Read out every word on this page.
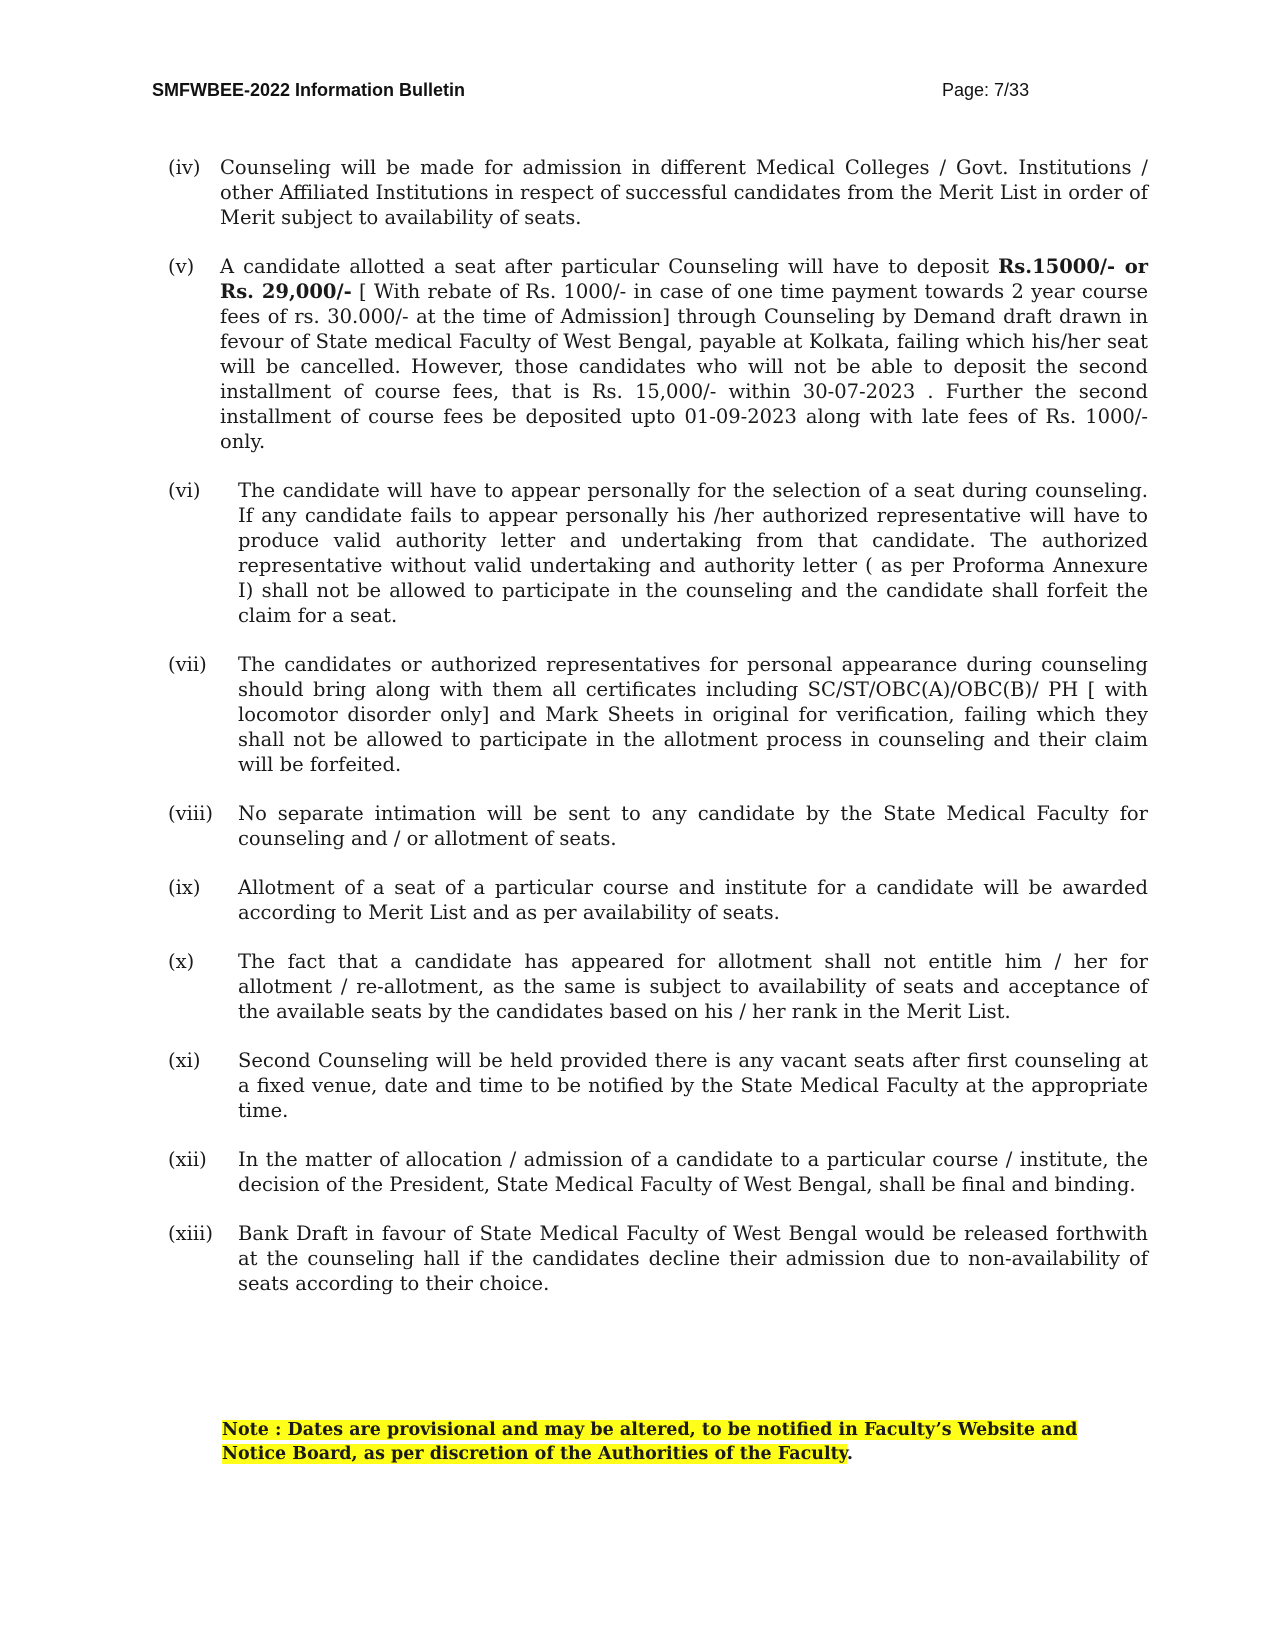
SMFWBEE-2022 Information Bulletin	Page: 7/33
(iv)	Counseling will be made for admission in different Medical Colleges / Govt. Institutions / other Affiliated Institutions in respect of successful candidates from the Merit List in order of Merit subject to availability of seats.
(v)	A candidate allotted a seat after particular Counseling will have to deposit Rs.15000/- or Rs. 29,000/- [ With rebate of Rs. 1000/- in case of one time payment towards 2 year course fees of rs. 30.000/- at the time of Admission] through Counseling by Demand draft drawn in fevour of State medical Faculty of West Bengal, payable at Kolkata, failing which his/her seat will be cancelled. However, those candidates who will not be able to deposit the second installment of course fees, that is Rs. 15,000/- within 30-07-2023 . Further the second installment of course fees be deposited upto 01-09-2023 along with late fees of Rs. 1000/- only.
(vi)	The candidate will have to appear personally for the selection of a seat during counseling. If any candidate fails to appear personally his /her authorized representative will have to produce valid authority letter and undertaking from that candidate. The authorized representative without valid undertaking and authority letter ( as per Proforma Annexure I) shall not be allowed to participate in the counseling and the candidate shall forfeit the claim for a seat.
(vii)	The candidates or authorized representatives for personal appearance during counseling should bring along with them all certificates including SC/ST/OBC(A)/OBC(B)/ PH [ with locomotor disorder only] and Mark Sheets in original for verification, failing which they shall not be allowed to participate in the allotment process in counseling and their claim will be forfeited.
(viii)	No separate intimation will be sent to any candidate by the State Medical Faculty for counseling and / or allotment of seats.
(ix)	Allotment of a seat of a particular course and institute for a candidate will be awarded according to Merit List and as per availability of seats.
(x)	The fact that a candidate has appeared for allotment shall not entitle him / her for allotment / re-allotment, as the same is subject to availability of seats and acceptance of the available seats by the candidates based on his / her rank in the Merit List.
(xi)	Second Counseling will be held provided there is any vacant seats after first counseling at a fixed venue, date and time to be notified by the State Medical Faculty at the appropriate time.
(xii)	In the matter of allocation / admission of a candidate to a particular course / institute, the decision of the President, State Medical Faculty of West Bengal, shall be final and binding.
(xiii)	Bank Draft in favour of State Medical Faculty of West Bengal would be released forthwith at the counseling hall if the candidates decline their admission due to non-availability of seats according to their choice.
Note : Dates are provisional and may be altered, to be notified in Faculty’s Website and
Notice Board, as per discretion of the Authorities of the Faculty.
